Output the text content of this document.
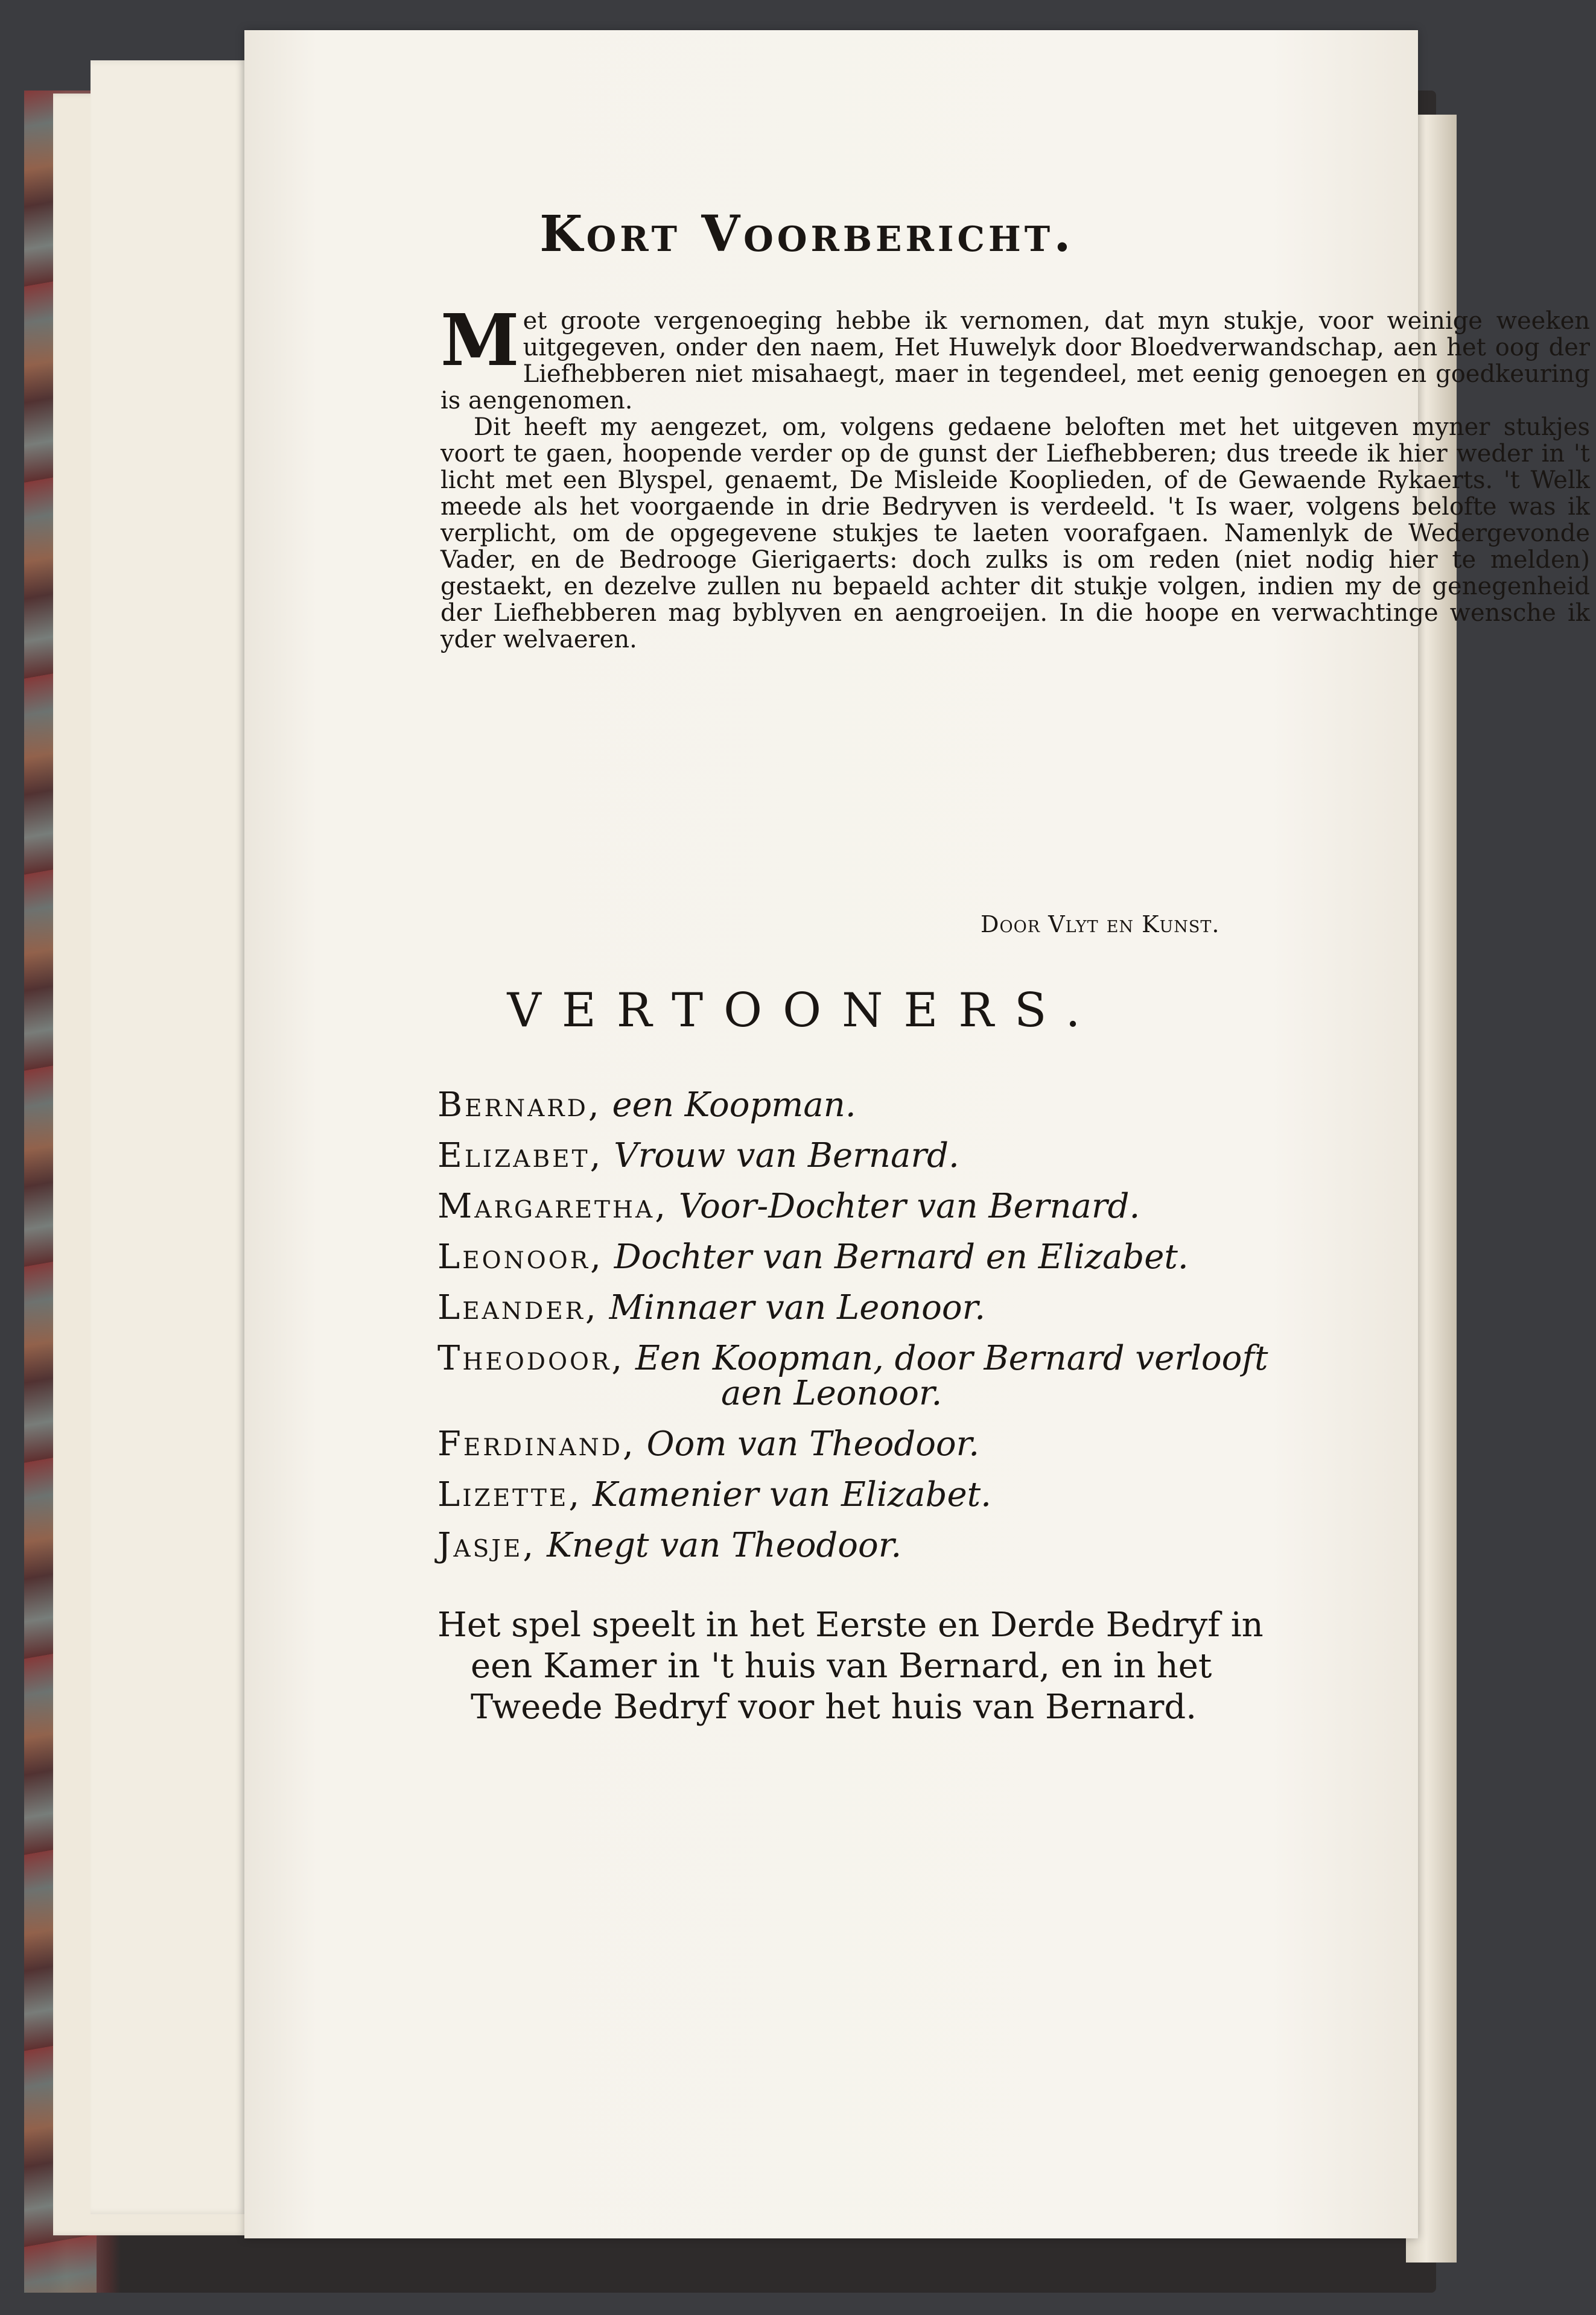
Kort Voorbericht.

Met groote vergenoeging hebbe ik vernomen, dat myn stukje, voor weinige weeken uitgegeven, onder den naem, Het Huwelyk door Bloedverwandschap, aen het oog der Liefhebberen niet misahaegt, maer in tegendeel, met eenig genoegen en goedkeuring is aengenomen.

Dit heeft my aengezet, om, volgens gedaene beloften met het uitgeven myner stukjes voort te gaen, hoopende verder op de gunst der Liefhebberen; dus treede ik hier weder in 't licht met een Blyspel, genaemt, De Misleide Kooplieden, of de Gewaende Rykaerts. 't Welk meede als het voorgaende in drie Bedryven is verdeeld. 't Is waer, volgens belofte was ik verplicht, om de opgegevene stukjes te laeten voorafgaen. Namenlyk de Wedergevonde Vader, en de Bedrooge Gierigaerts: doch zulks is om reden (niet nodig hier te melden) gestaekt, en dezelve zullen nu bepaeld achter dit stukje volgen, indien my de genegenheid der Liefhebberen mag byblyven en aengroeijen. In die hoope en verwachtinge wensche ik yder welvaeren.

Door Vlyt en Kunst.
VERTOONERS.
Bernard, een Koopman.
Elizabet, Vrouw van Bernard.
Margaretha, Voor-Dochter van Bernard.
Leonoor, Dochter van Bernard en Elizabet.
Leander, Minnaer van Leonoor.
Theodoor, Een Koopman, door Bernard verlooft
aen Leonoor.
Ferdinand, Oom van Theodoor.
Lizette, Kamenier van Elizabet.
Jasje, Knegt van Theodoor.
Het spel speelt in het Eerste en Derde Bedryf in
een Kamer in 't huis van Bernard, en in het
Tweede Bedryf voor het huis van Bernard.
